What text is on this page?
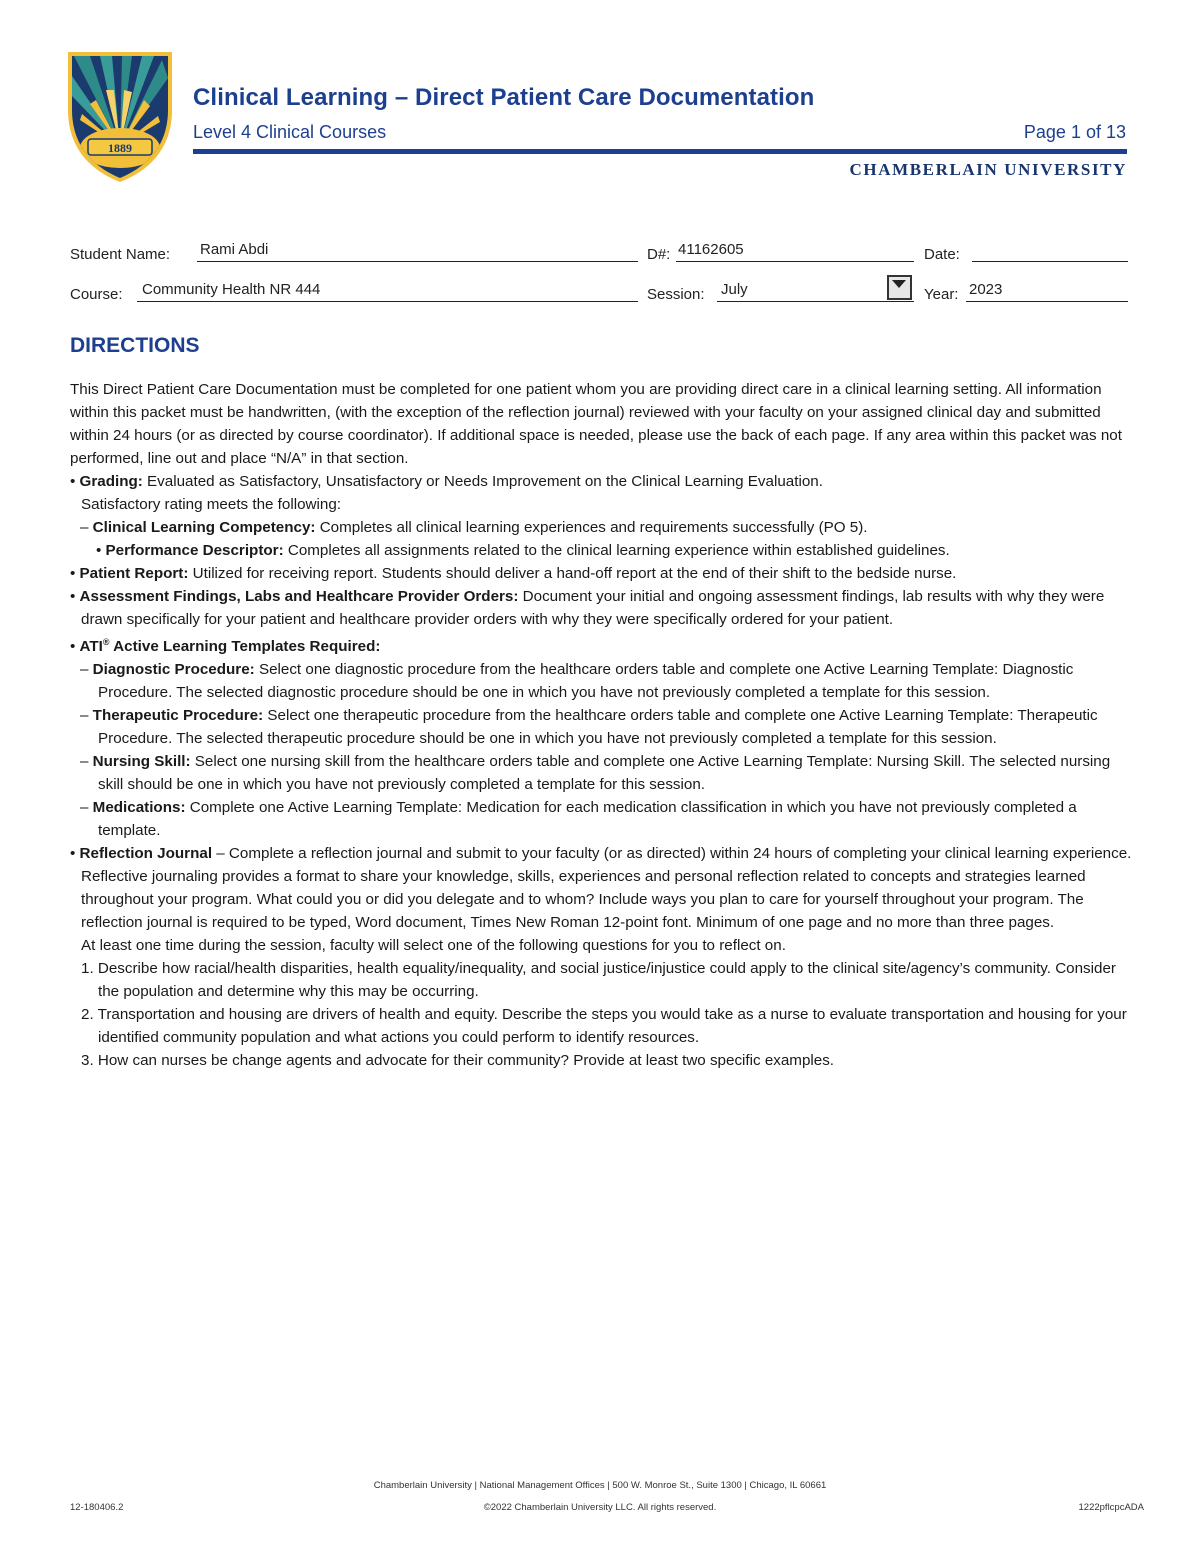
1889
Clinical Learning – Direct Patient Care Documentation
Level 4 Clinical Courses	Page 1 of 13
CHAMBERLAIN UNIVERSITY
Student Name: Rami Abdi	D#: 41162605	Date:
Course: Community Health NR 444	Session: July	Year: 2023
DIRECTIONS

This Direct Patient Care Documentation must be completed for one patient whom you are providing direct care in a clinical learning setting. All information within this packet must be handwritten, (with the exception of the reflection journal) reviewed with your faculty on your assigned clinical day and submitted within 24 hours (or as directed by course coordinator). If additional space is needed, please use the back of each page. If any area within this packet was not performed, line out and place “N/A” in that section.

• Grading: Evaluated as Satisfactory, Unsatisfactory or Needs Improvement on the Clinical Learning Evaluation.

Satisfactory rating meets the following:

– Clinical Learning Competency: Completes all clinical learning experiences and requirements successfully (PO 5).

• Performance Descriptor: Completes all assignments related to the clinical learning experience within established guidelines.

• Patient Report: Utilized for receiving report. Students should deliver a hand-off report at the end of their shift to the bedside nurse.

• Assessment Findings, Labs and Healthcare Provider Orders: Document your initial and ongoing assessment findings, lab results with why they were drawn specifically for your patient and healthcare provider orders with why they were specifically ordered for your patient.

• ATI® Active Learning Templates Required:

– Diagnostic Procedure: Select one diagnostic procedure from the healthcare orders table and complete one Active Learning Template: Diagnostic Procedure. The selected diagnostic procedure should be one in which you have not previously completed a template for this session.

– Therapeutic Procedure: Select one therapeutic procedure from the healthcare orders table and complete one Active Learning Template: Therapeutic Procedure. The selected therapeutic procedure should be one in which you have not previously completed a template for this session.

– Nursing Skill: Select one nursing skill from the healthcare orders table and complete one Active Learning Template: Nursing Skill. The selected nursing skill should be one in which you have not previously completed a template for this session.

– Medications: Complete one Active Learning Template: Medication for each medication classification in which you have not previously completed a template.

• Reflection Journal – Complete a reflection journal and submit to your faculty (or as directed) within 24 hours of completing your clinical learning experience. Reflective journaling provides a format to share your knowledge, skills, experiences and personal reflection related to concepts and strategies learned throughout your program. What could you or did you delegate and to whom? Include ways you plan to care for yourself throughout your program. The reflection journal is required to be typed, Word document, Times New Roman 12-point font. Minimum of one page and no more than three pages.

At least one time during the session, faculty will select one of the following questions for you to reflect on.

1. Describe how racial/health disparities, health equality/inequality, and social justice/injustice could apply to the clinical site/agency’s community. Consider the population and determine why this may be occurring.

2. Transportation and housing are drivers of health and equity. Describe the steps you would take as a nurse to evaluate transportation and housing for your identified community population and what actions you could perform to identify resources.

3. How can nurses be change agents and advocate for their community? Provide at least two specific examples.

Chamberlain University | National Management Offices | 500 W. Monroe St., Suite 1300 | Chicago, IL 60661
12-180406.2	©2022 Chamberlain University LLC. All rights reserved.	1222pflcpcADA
